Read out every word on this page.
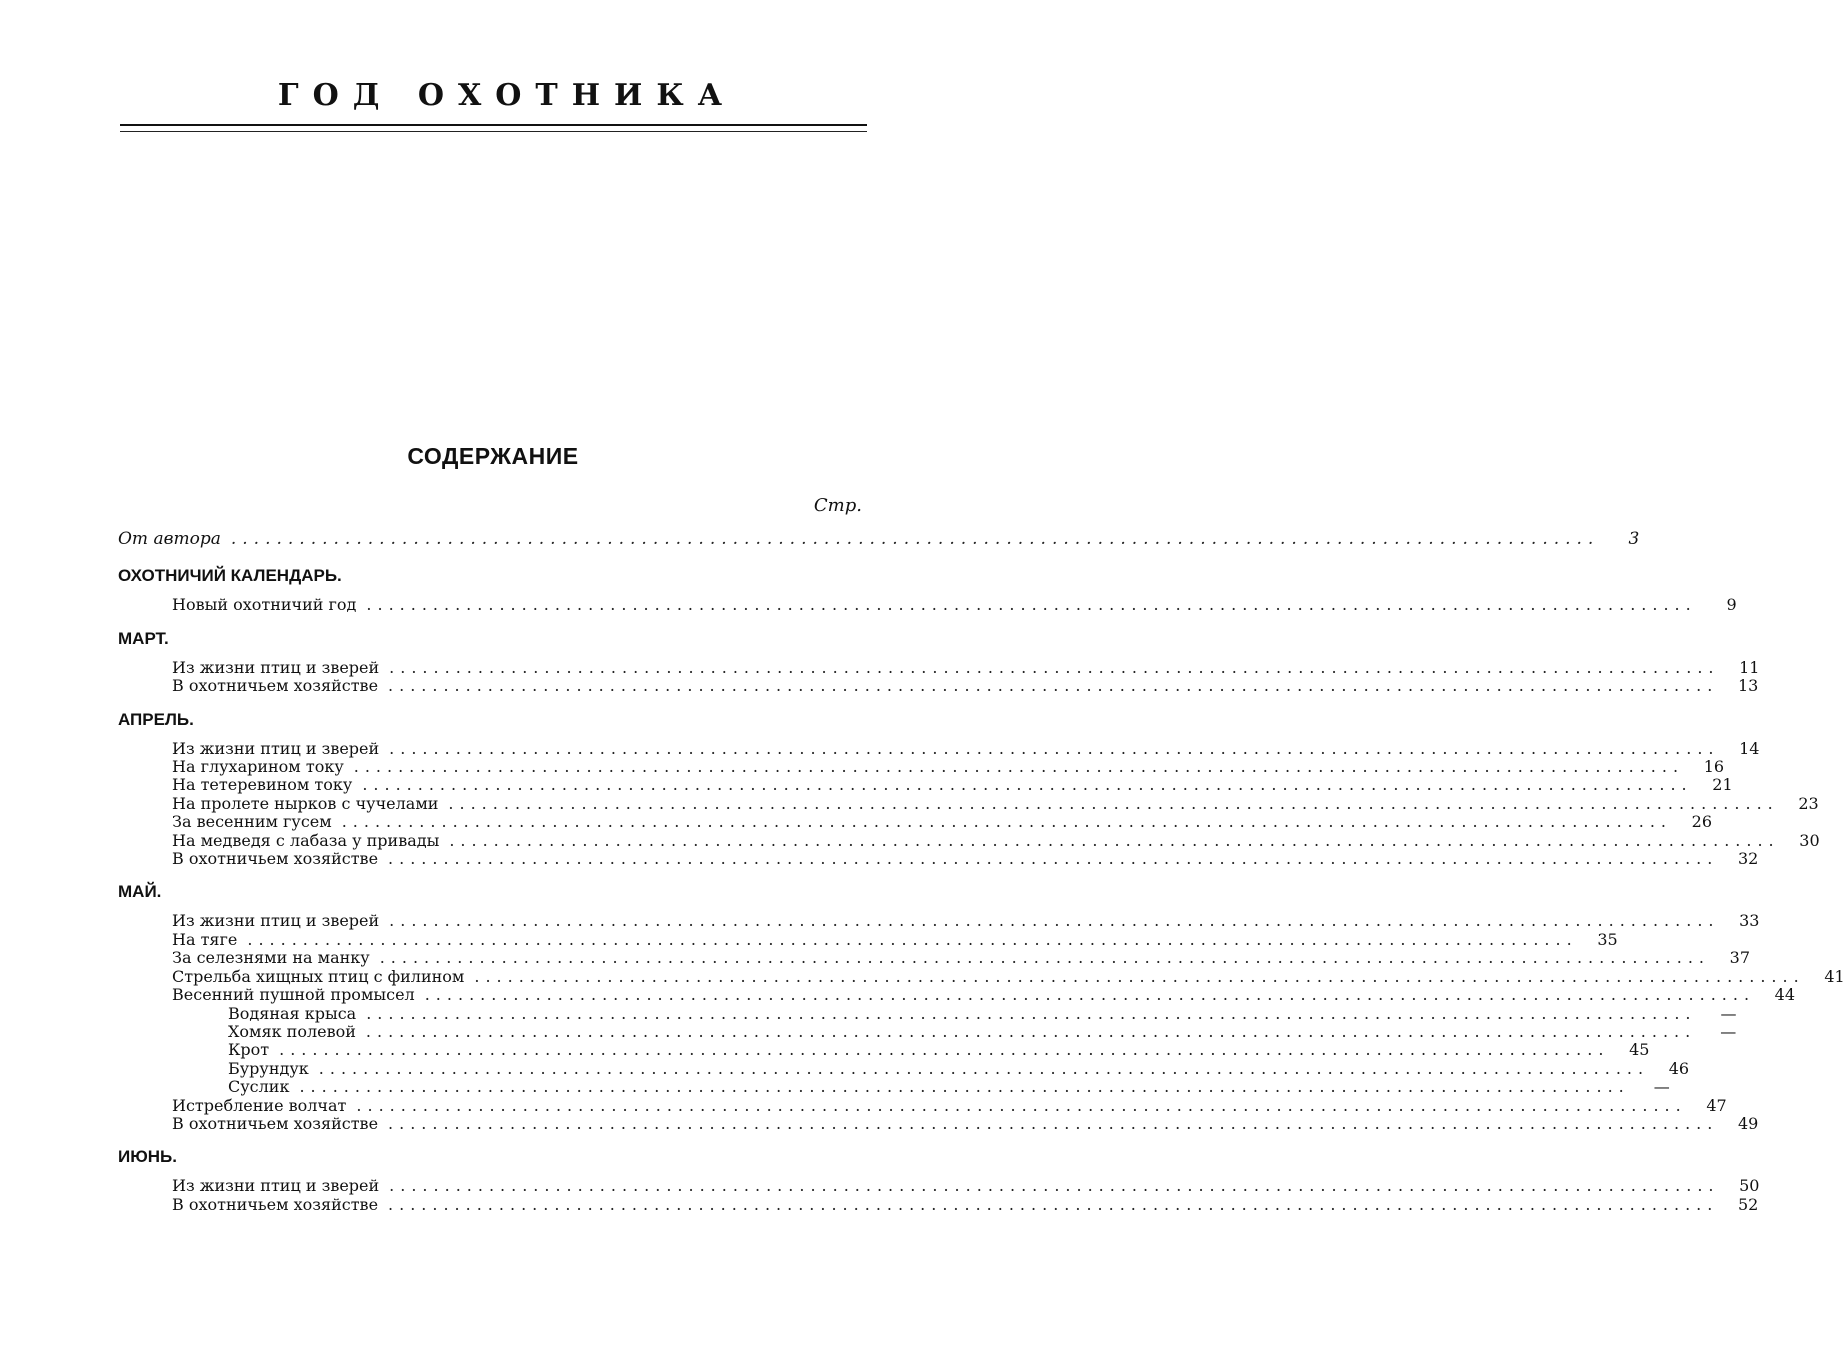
ГОД ОХОТНИКА
СОДЕРЖАНИЕ
Стр.
От автора ........................................................................................................................	3
ОХОТНИЧИЙ КАЛЕНДАРЬ.
Новый охотничий год ........................................................................................................................	9
МАРТ.
Из жизни птиц и зверей ........................................................................................................................	11
В охотничьем хозяйстве ........................................................................................................................	13
АПРЕЛЬ.
Из жизни птиц и зверей ........................................................................................................................	14
На глухарином току ........................................................................................................................	16
На тетеревином току ........................................................................................................................	21
На пролете нырков с чучелами ........................................................................................................................	23
За весенним гусем ........................................................................................................................	26
На медведя с лабаза у привады ........................................................................................................................	30
В охотничьем хозяйстве ........................................................................................................................	32
МАЙ.
Из жизни птиц и зверей ........................................................................................................................	33
На тяге ........................................................................................................................	35
За селезнями на манку ........................................................................................................................	37
Стрельба хищных птиц с филином ........................................................................................................................	41
Весенний пушной промысел ........................................................................................................................	44
Водяная крыса ........................................................................................................................	—
Хомяк полевой ........................................................................................................................	—
Крот ........................................................................................................................	45
Бурундук ........................................................................................................................	46
Суслик ........................................................................................................................	—
Истребление волчат ........................................................................................................................	47
В охотничьем хозяйстве ........................................................................................................................	49
ИЮНЬ.
Из жизни птиц и зверей ........................................................................................................................	50
В охотничьем хозяйстве ........................................................................................................................	52
